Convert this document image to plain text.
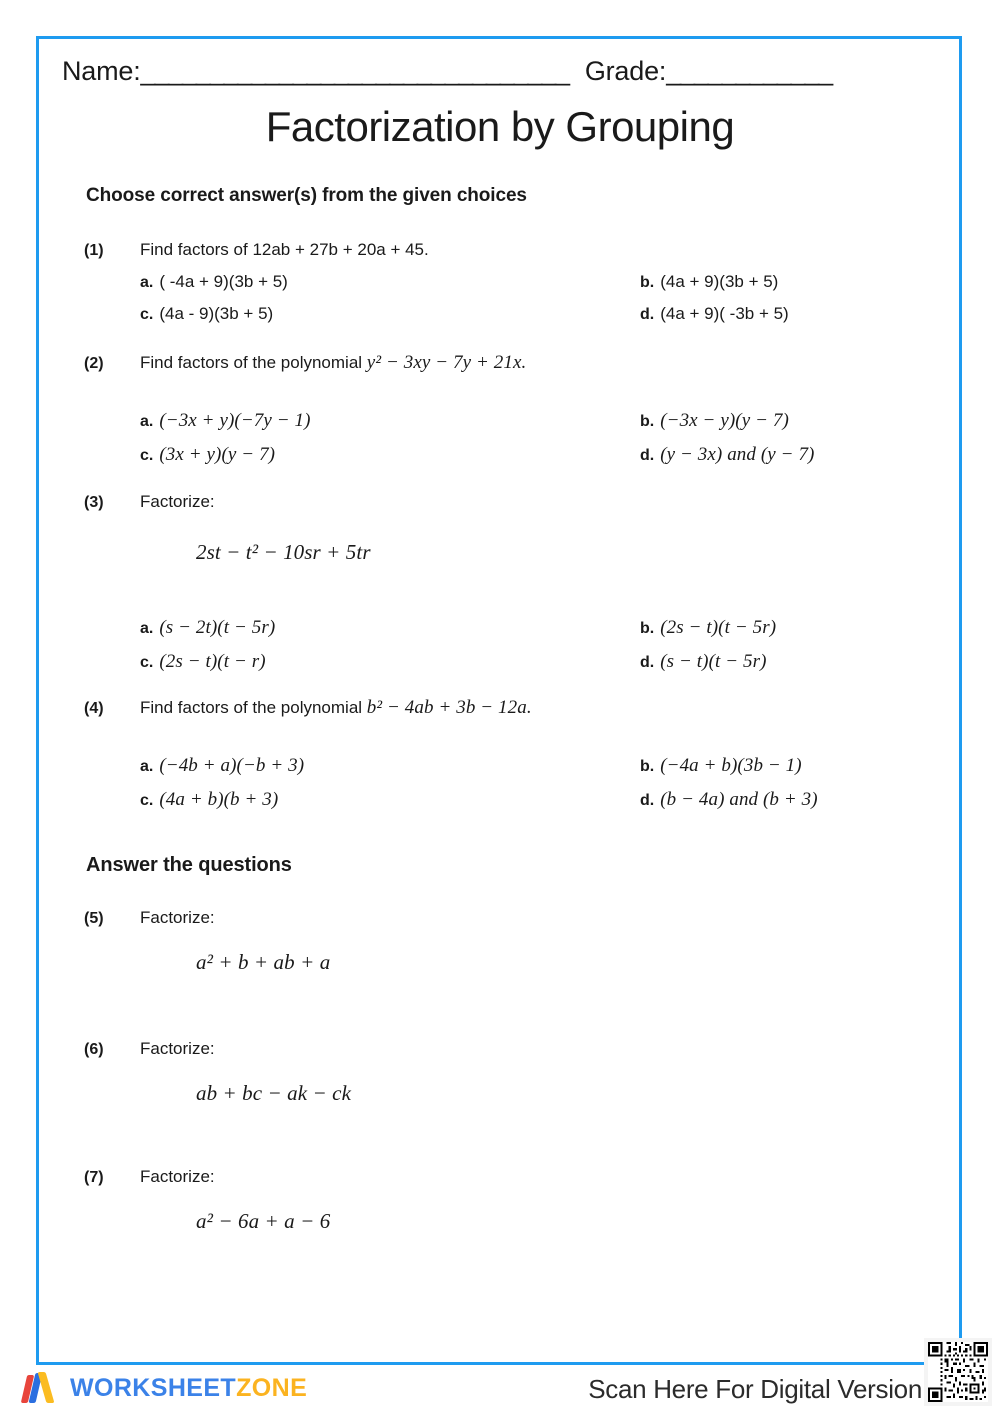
Name: _______________________________ Grade: ____________
Factorization by Grouping
Choose correct answer(s) from the given choices
(1)	Find factors of 12ab + 27b + 20a + 45.
a. ( -4a + 9)(3b + 5)	b. (4a + 9)(3b + 5)
c. (4a - 9)(3b + 5)	d. (4a + 9)( -3b + 5)
(2)	Find factors of the polynomial y² − 3xy − 7y + 21x.
a. (−3x + y)(−7y − 1)	b. (−3x − y)(y − 7)
c. (3x + y)(y − 7)	d. (y − 3x) and (y − 7)
(3)	Factorize:
2st − t² − 10sr + 5tr
a. (s − 2t)(t − 5r)	b. (2s − t)(t − 5r)
c. (2s − t)(t − r)	d. (s − t)(t − 5r)
(4)	Find factors of the polynomial b² − 4ab + 3b − 12a.
a. (−4b + a)(−b + 3)	b. (−4a + b)(3b − 1)
c. (4a + b)(b + 3)	d. (b − 4a) and (b + 3)
Answer the questions
(5)	Factorize:
a² + b + ab + a
(6)	Factorize:
ab + bc − ak − ck
(7)	Factorize:
a² − 6a + a − 6
WORKSHEETZONE	Scan Here For Digital Version
